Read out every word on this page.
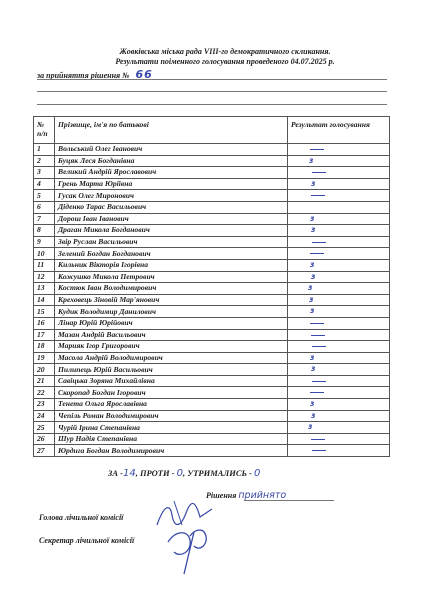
Жовківська міська рада VIII-го демократичного скликання.
Результати поіменного голосування проведеного 04.07.2025 р.
за прийняття рішення № 66
№ п/п	Прізвище, ім'я по батькові	Результат голосування
1	Вольський Олег Іванович	

2	Буцяк Леся Богданівна	з

3	Великий Андрій Ярославович	

4	Грень Марта Юріївна	з

5	Гусак Олег Миронович	

6	Діденко Тарас Васильович	
7	Дорош Іван Іванович	з

8	Драган Микола Богданович	з

9	Звір Руслан Васильович	

10	Зелений Богдан Богданович	

11	Кильник Вікторія Ігорівна	з

12	Кожушко Микола Петрович	з

13	Костюк Іван Володимирович	з

14	Креховець Зіновій Мар'янович	з

15	Кудик Володимир Данилович	з

16	Лінар Юрій Юрійович	

17	Мазан Андрій Васильович	

18	Марияк Ігор Григорович	

19	Масола Андрій Володимирович	з

20	Пилипець Юрій Васильович	з

21	Савіцька Зоряна Михайлівна	

22	Скоропад Богдан Ігорович	

23	Тенета Ольга Ярославівна	з

24	Чепіль Роман Володимирович	з

25	Чурій Ірина Степанівна	з

26	Шур Надія Степанівна	

27	Юрдига Богдан Володимирович	
ЗА -14, ПРОТИ - 0, УТРИМАЛИСЬ - 0
Рішення прийнято
Голова лічильної комісії
Секретар лічильної комісії
